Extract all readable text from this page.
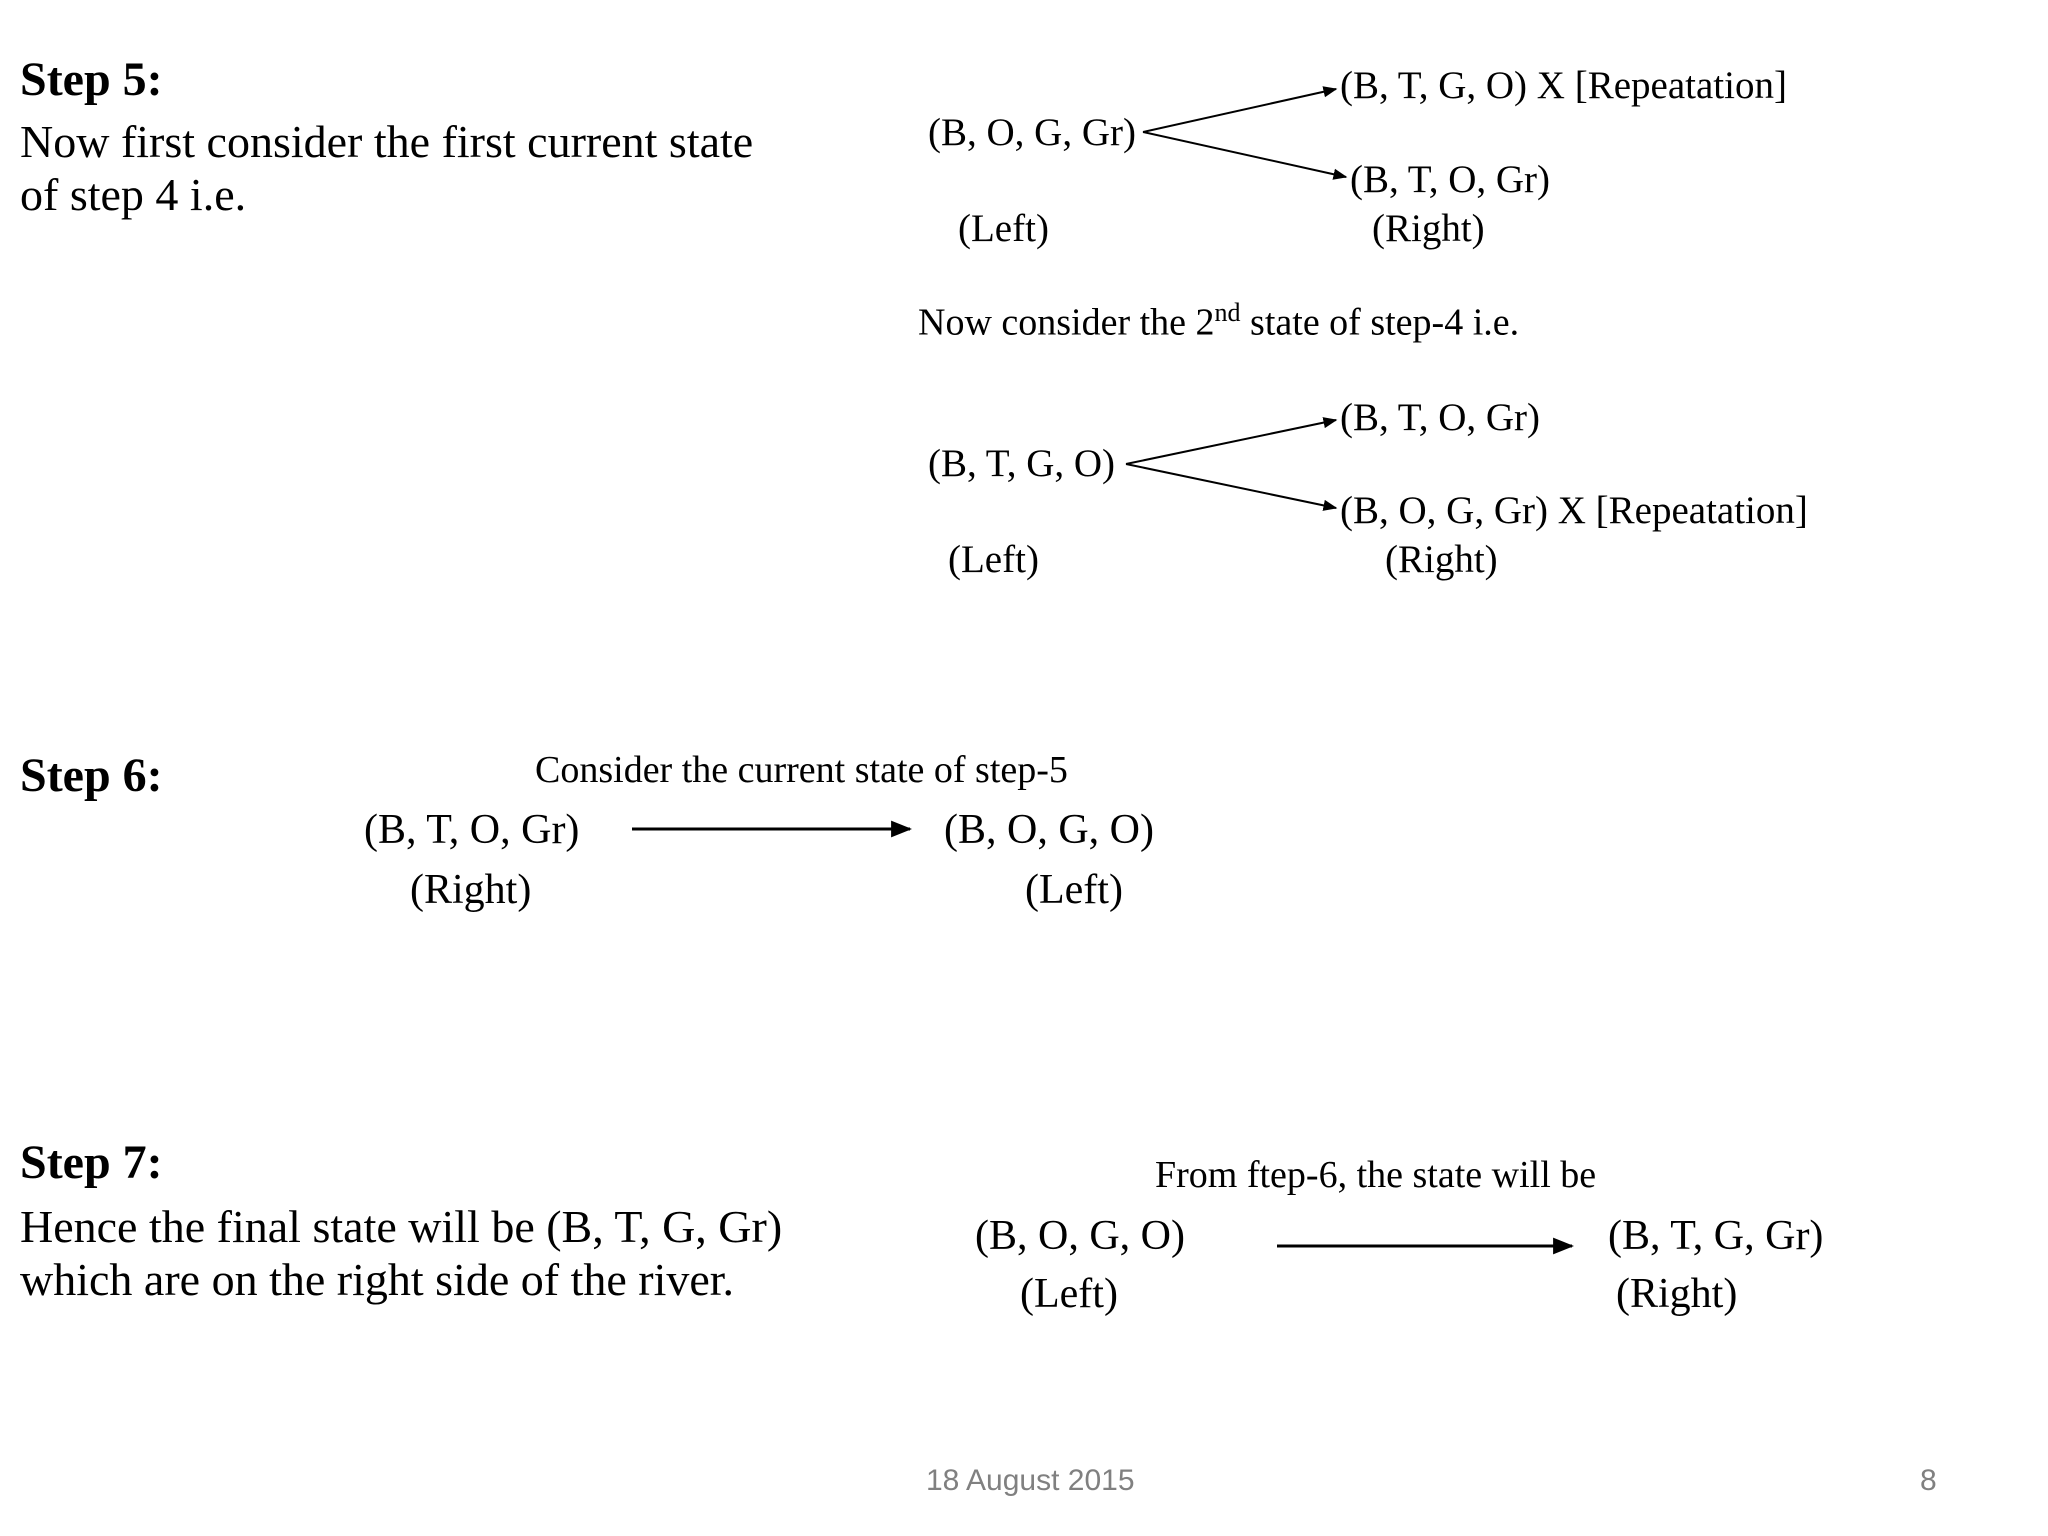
Step 5:
Now first consider the first current state of step 4 i.e.
(B, O, G, Gr)
(B, T, G, O) X [Repeatation]
(B, T, O, Gr)
(Left)	(Right)
Now consider the 2nd state of step-4 i.e.
(B, T, G, O)
(B, T, O, Gr)
(B, O, G, Gr) X [Repeatation]
(Left)	(Right)
Step 6:	Consider the current state of step-5
(B, T, O, Gr)	(B, O, G, O)
(Right)	(Left)
Step 7:
Hence the final state will be (B, T, G, Gr) which are on the right side of the river.
From ftep-6, the state will be
(B, O, G, O)	(B, T, G, Gr)
(Left)	(Right)
18 August 2015	8
